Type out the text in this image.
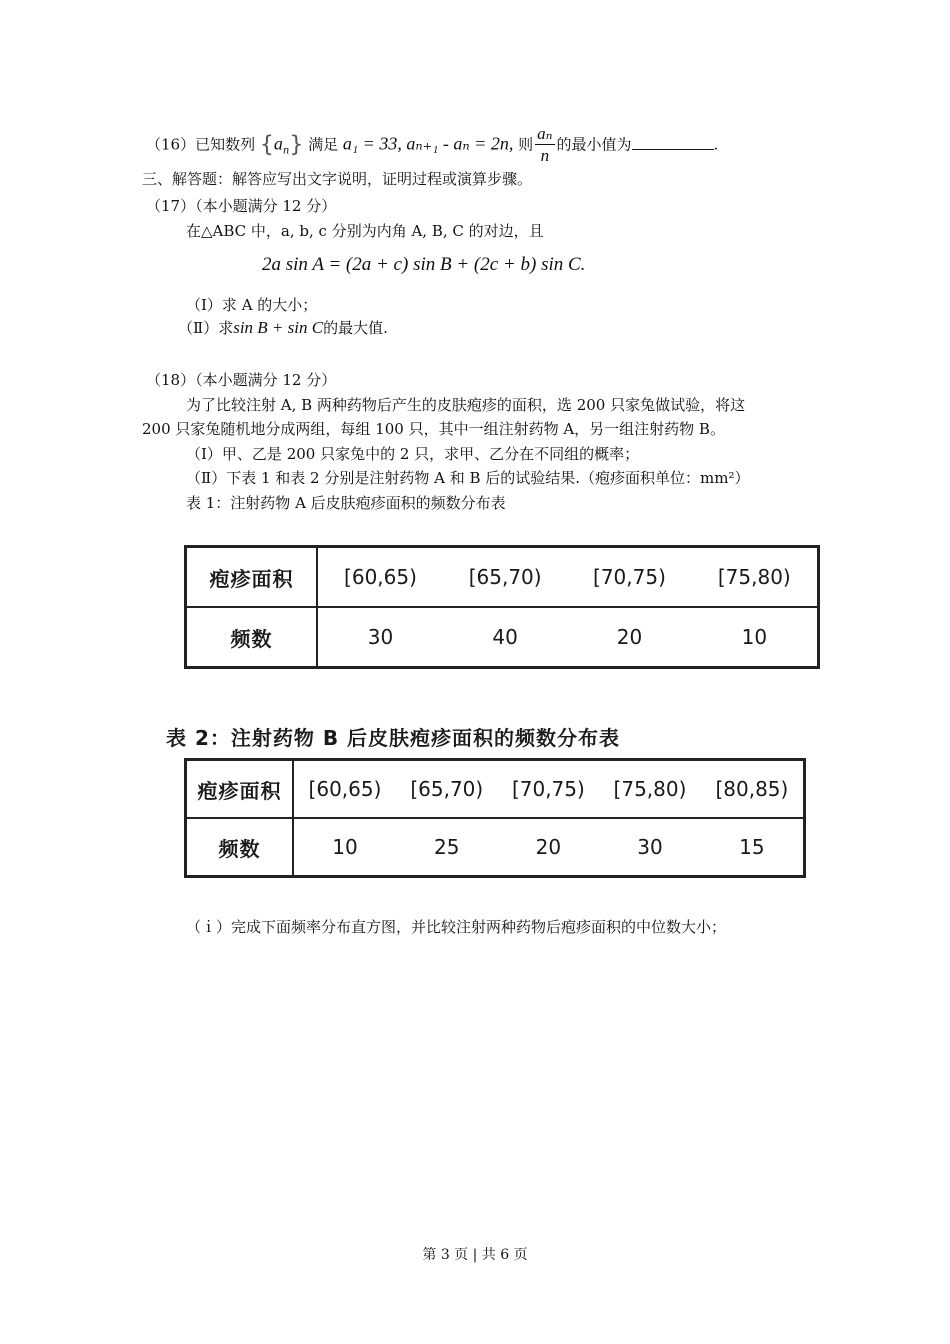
（16）已知数列 $\{a_n\}$ 满足 a₁ = 33, aₙ₊₁ - aₙ = 2n, 则 $\frac{\text{aₙ}}{n}$ 的最小值为	.
三、解答题：解答应写出文字说明，证明过程或演算步骤。
（17）（本小题满分 12 分）
在△ABC 中，a, b, c 分别为内角 A, B, C 的对边，且
2a sin A = (2a + c) sin B + (2c + b) sin C.
（Ⅰ）求 A 的大小；
（Ⅱ）求sin B + sin C的最大值.
（18）（本小题满分 12 分）
为了比较注射 A, B 两种药物后产生的皮肤疱疹的面积，选 200 只家兔做试验，将这
200 只家兔随机地分成两组，每组 100 只，其中一组注射药物 A，另一组注射药物 B。
（Ⅰ）甲、乙是 200 只家兔中的 2 只，求甲、乙分在不同组的概率；
（Ⅱ）下表 1 和表 2 分别是注射药物 A 和 B 后的试验结果.（疱疹面积单位：mm²）
表 1：注射药物 A 后皮肤疱疹面积的频数分布表
疱疹面积	[60,65)	[65,70)	[70,75)	[75,80)
频数	30	40	20	10
表 2：注射药物 B 后皮肤疱疹面积的频数分布表
疱疹面积	[60,65)	[65,70)	[70,75)	[75,80)	[80,85)
频数	10	25	20	30	15
（ｉ）完成下面频率分布直方图，并比较注射两种药物后疱疹面积的中位数大小；
第 3 页 | 共 6 页
